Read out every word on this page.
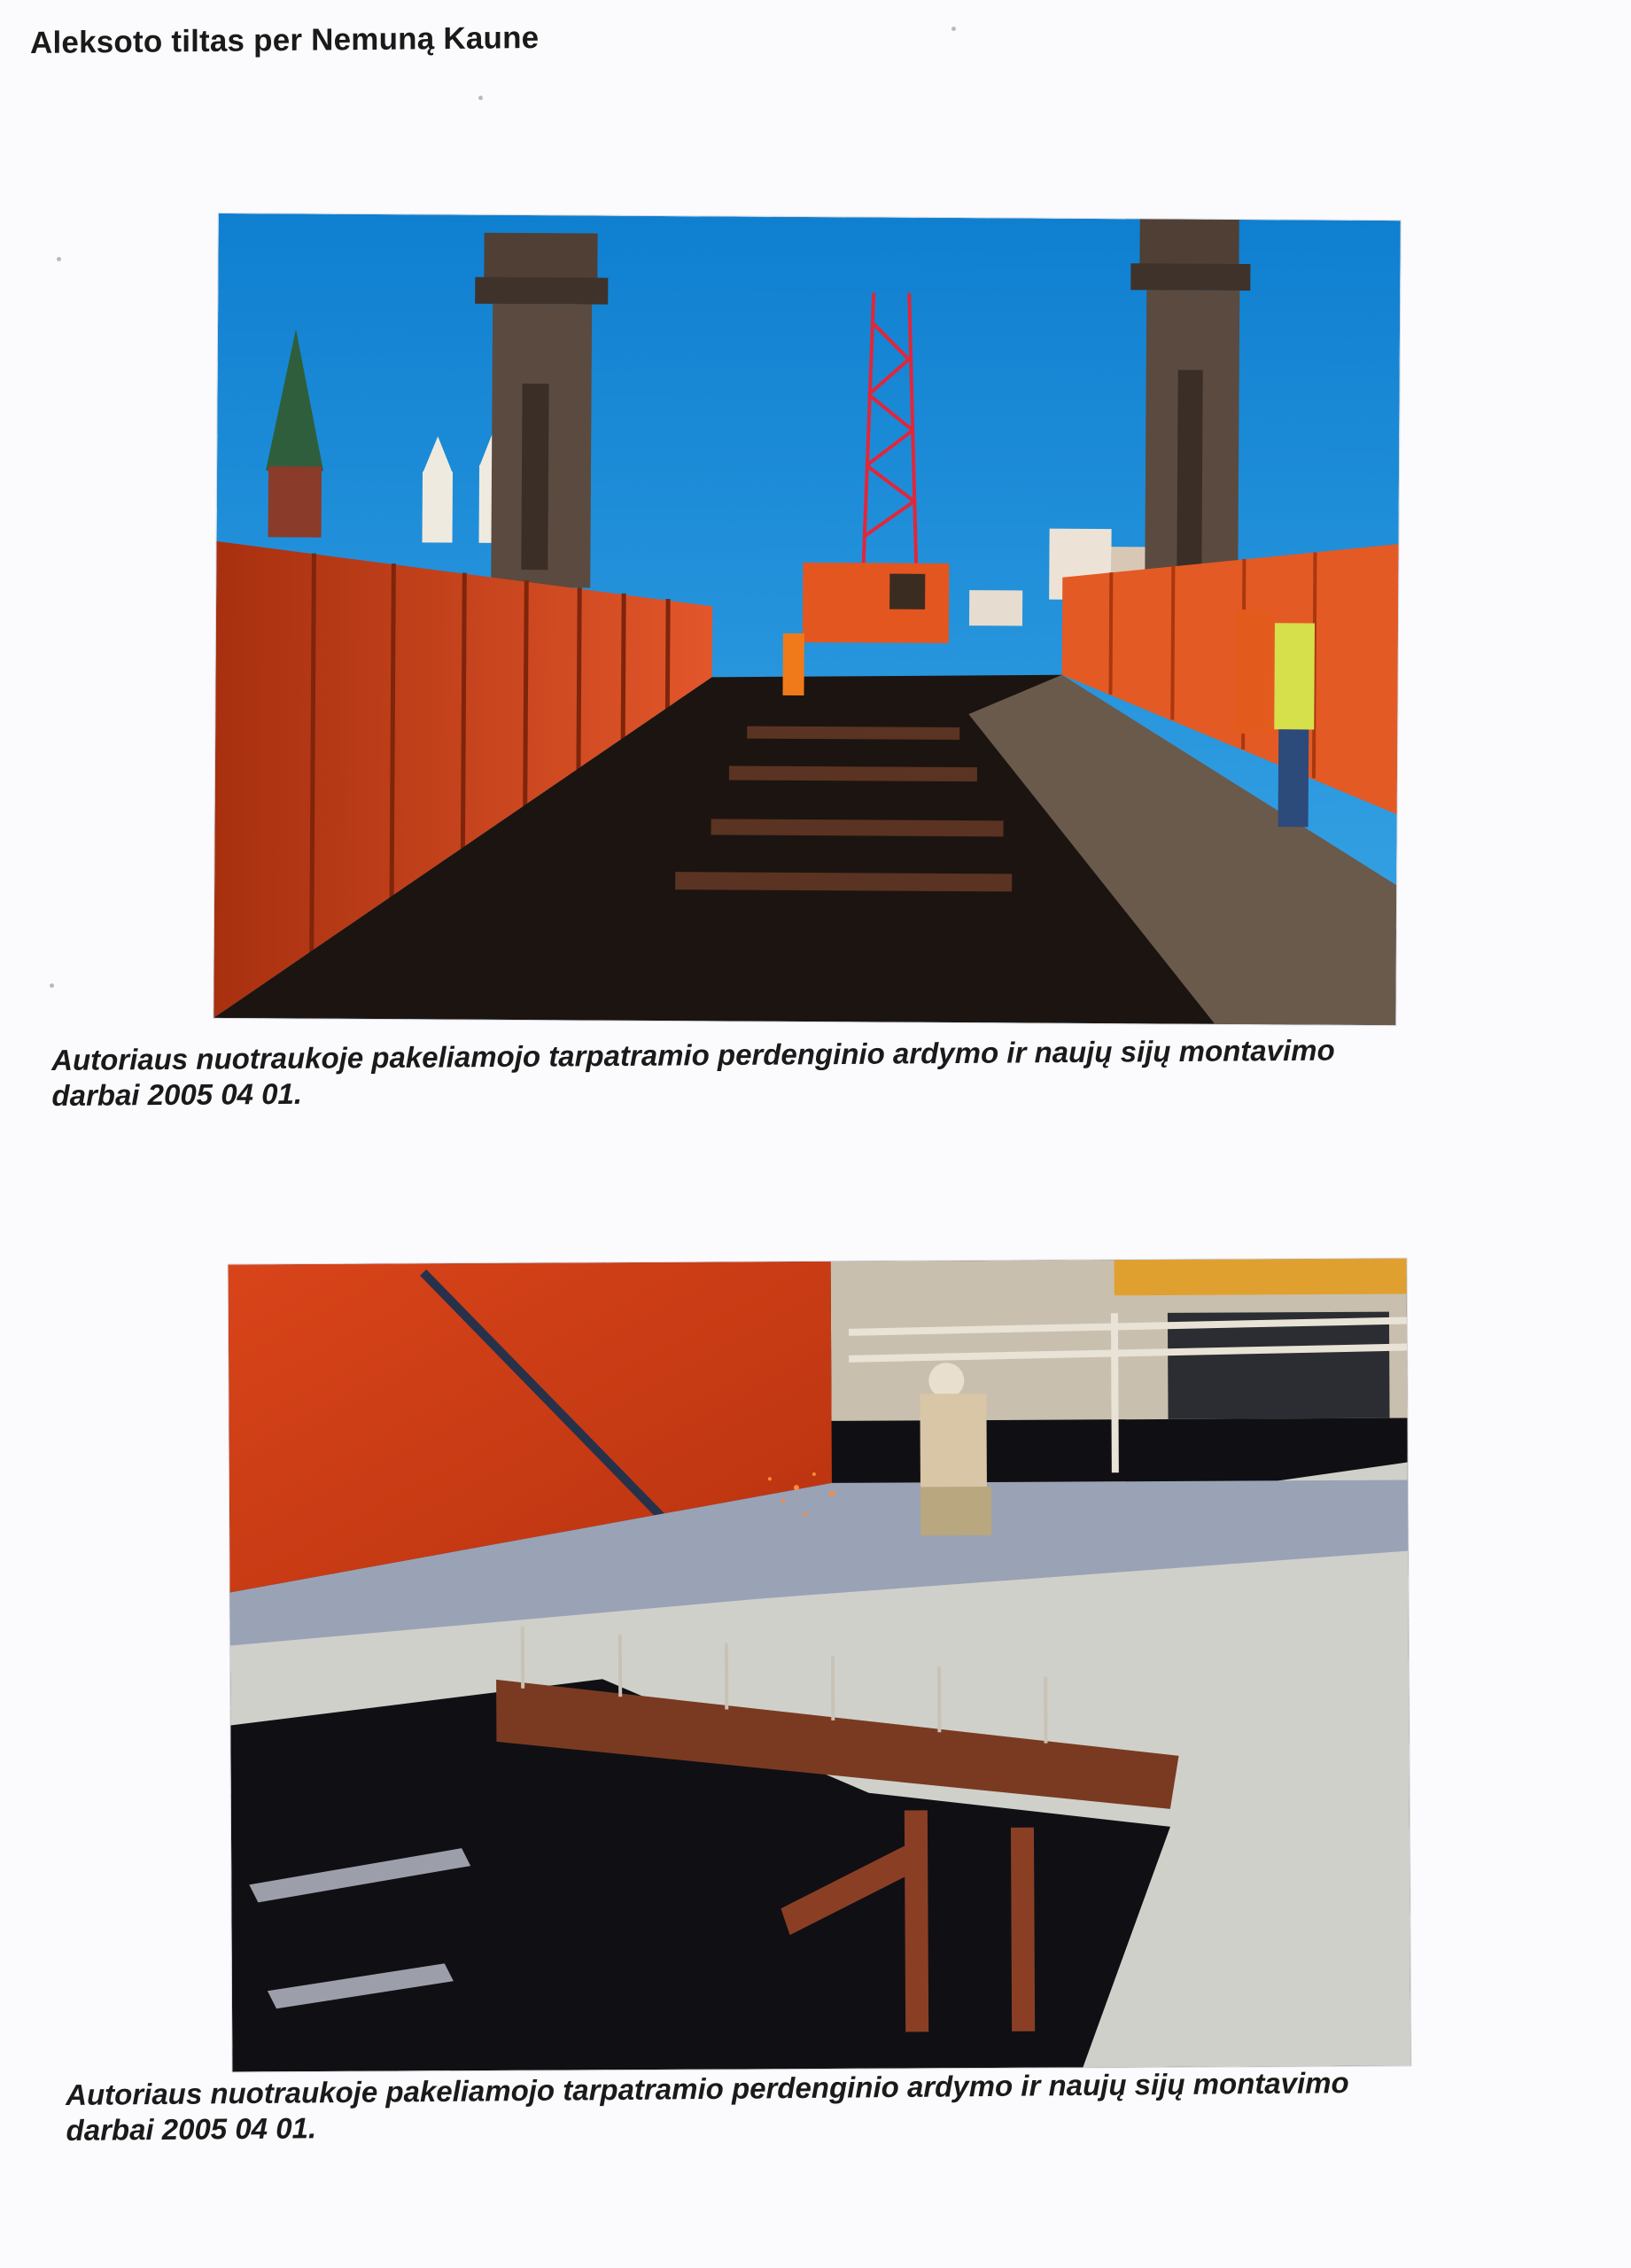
Aleksoto tiltas per Nemuną Kaune

Autoriaus nuotraukoje pakeliamojo tarpatramio perdenginio ardymo ir naujų sijų montavimo
darbai 2005 04 01.

Autoriaus nuotraukoje pakeliamojo tarpatramio perdenginio ardymo ir naujų sijų montavimo
darbai 2005 04 01.
